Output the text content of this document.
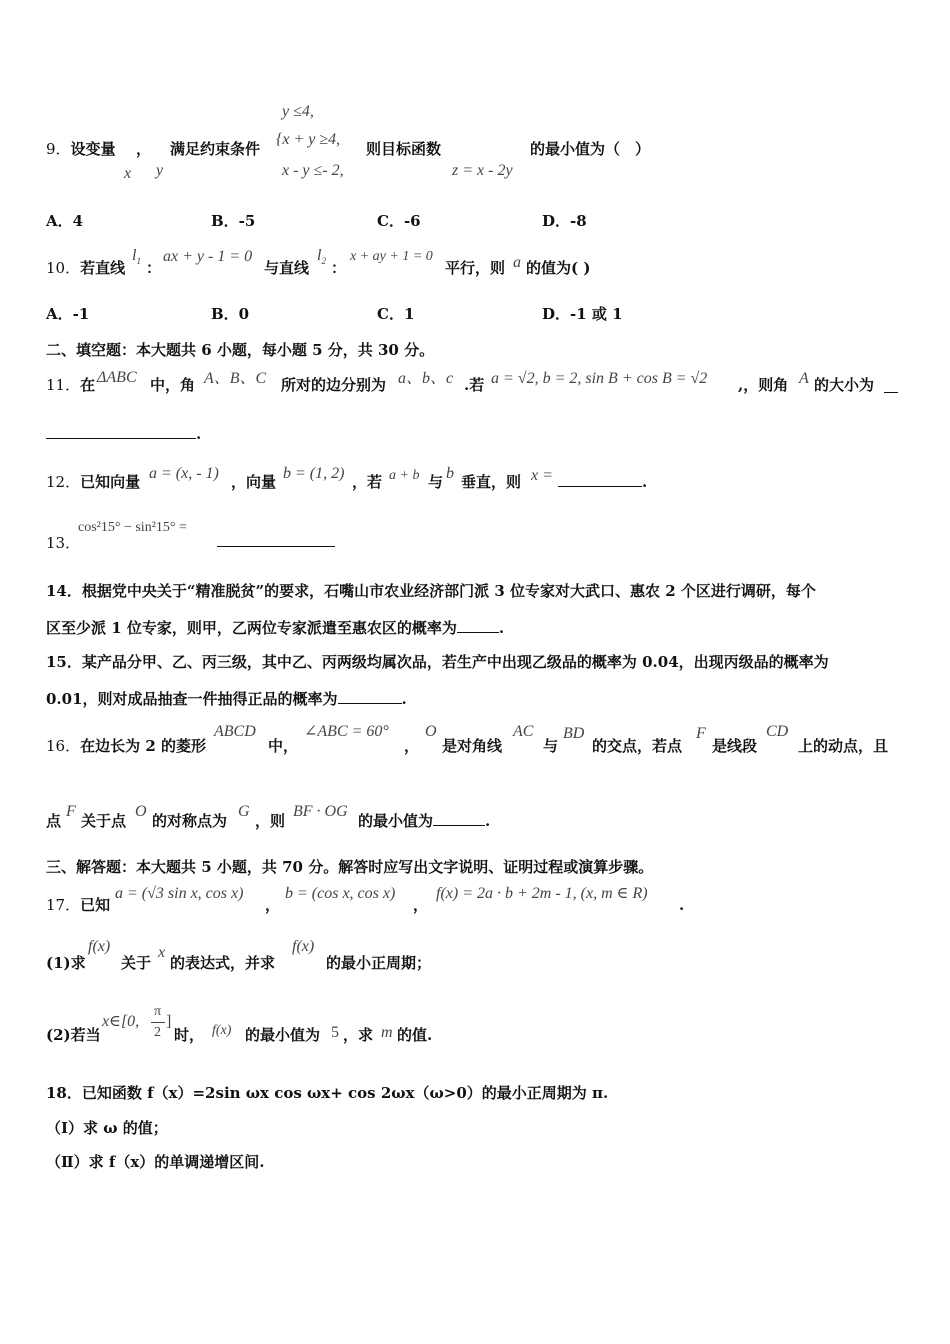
y ≤4,
{x + y ≥4,
x - y ≤- 2,
9．设变量 ， 满足约束条件	则目标函数	的最小值为（　）
x y	z = x - 2y
A．4	B．-5	C．-6	D．-8
10．若直线
$l_1$ ：
ax + y - 1 = 0
与直线
$l_2$ ：
x + ay + 1 = 0
平行，则 a 的值为( )
A．-1	B．0	C．1	D．-1 或 1
二、填空题：本大题共 6 小题，每小题 5 分，共 30 分。
11．在 ΔABC 中，角 A、B、C 所对的边分别为 a、b、c .若 a = √2, b = 2, sin B + cos B = √2 ,，则角 A 的大小为
.
12．已知向量 a = (x, - 1) ，向量 b = (1, 2) ，若 a + b 与 b 垂直，则 x =	.
13．
cos²15° − sin²15° =
14．根据党中央关于“精准脱贫”的要求，石嘴山市农业经济部门派 3 位专家对大武口、惠农 2 个区进行调研，每个
区至少派 1 位专家，则甲，乙两位专家派遣至惠农区的概率为	.
15．某产品分甲、乙、丙三级，其中乙、丙两级均属次品，若生产中出现乙级品的概率为 0.04，出现丙级品的概率为
0.01，则对成品抽查一件抽得正品的概率为	.
16．在边长为 2 的菱形
ABCD
中，
∠ABC = 60°
，
O
是对角线
AC
与
BD
的交点，若点
F
是线段
CD
上的动点，且
点
F
关于点
O
的对称点为
G
，则
BF · OG
的最小值为	.
三、解答题：本大题共 5 小题，共 70 分。解答时应写出文字说明、证明过程或演算步骤。
17．已知
a = (√3 sin x, cos x)
，
b = (cos x, cos x)
，
f(x) = 2a · b + 2m - 1, (x, m ∈ R)
.
(1)求
f(x)
关于
x
的表达式，并求
f(x)
的最小正周期；
(2)若当
x∈[0,
π
2
]
时， f(x) 的最小值为 5 ，求 m 的值.
18．已知函数 f（x）=2sin ωx cos ωx+ cos 2ωx（ω>0）的最小正周期为 π.
（Ⅰ）求 ω 的值；
（Ⅱ）求 f（x）的单调递增区间.
